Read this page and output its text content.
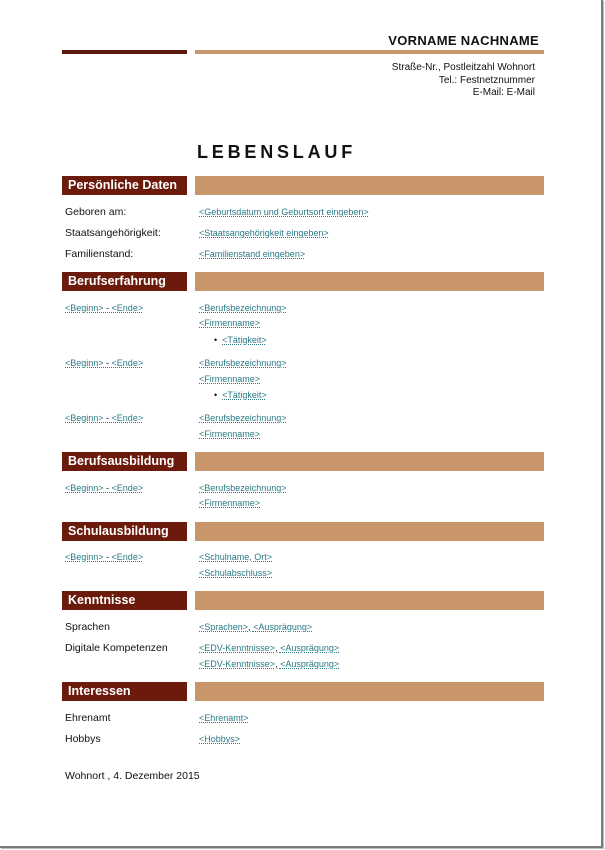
VORNAME NACHNAME
Straße-Nr., Postleitzahl Wohnort
Tel.: Festnetznummer
E-Mail: E-Mail
LEBENSLAUF
Persönliche Daten
Geboren am:	<Geburtsdatum und Geburtsort eingeben>
Staatsangehörigkeit:	<Staatsangehörigkeit eingeben>
Familienstand:	<Familienstand eingeben>
Berufserfahrung
<Beginn> - <Ende>	<Berufsbezeichnung>
<Firmenname>
•  <Tätigkeit>
<Beginn> - <Ende>	<Berufsbezeichnung>
<Firmenname>
•  <Tätigkeit>
<Beginn> - <Ende>	<Berufsbezeichnung>
<Firmenname>
Berufsausbildung
<Beginn> - <Ende>	<Berufsbezeichnung>
<Firmenname>
Schulausbildung
<Beginn> - <Ende>	<Schulname, Ort>
<Schulabschluss>
Kenntnisse
Sprachen	<Sprachen>, <Ausprägung>
Digitale Kompetenzen	<EDV-Kenntnisse>, <Ausprägung>
<EDV-Kenntnisse>, <Ausprägung>
Interessen
Ehrenamt	<Ehrenamt>
Hobbys	<Hobbys>
Wohnort , 4. Dezember 2015
